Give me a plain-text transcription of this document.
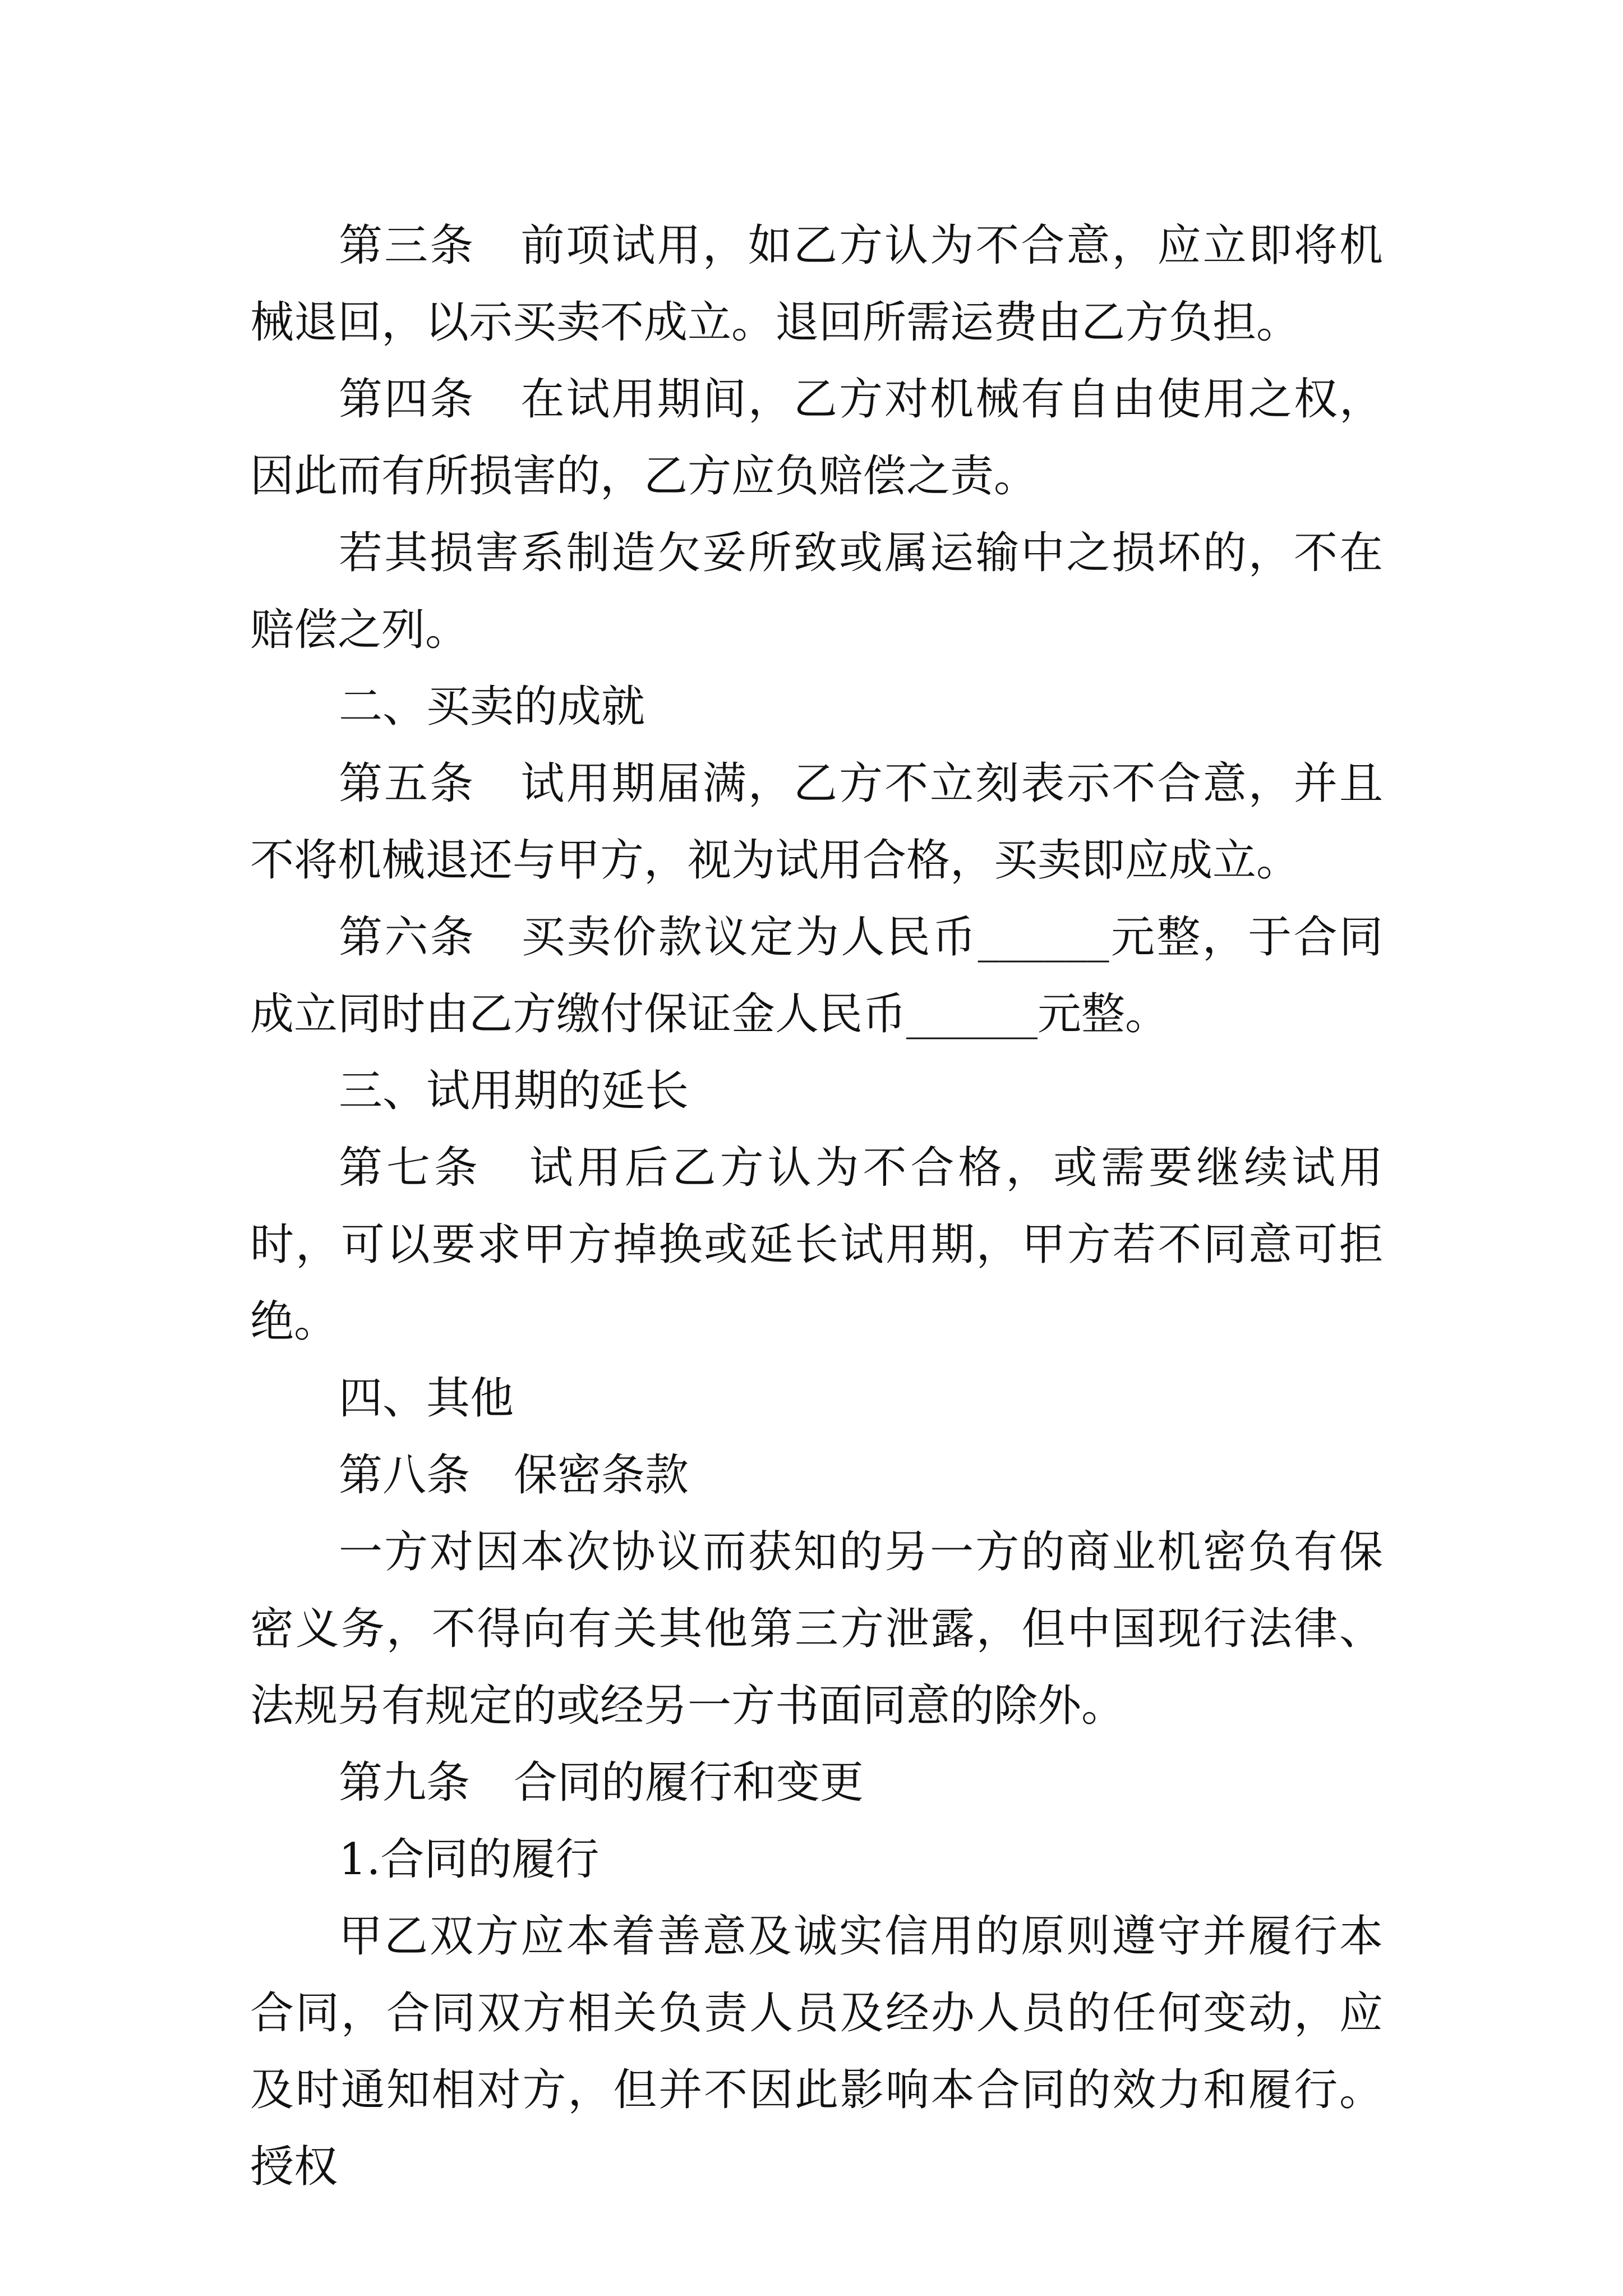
第三条　前项试用，如乙方认为不合意，应立即将机械退回，以示买卖不成立。退回所需运费由乙方负担。

第四条　在试用期间，乙方对机械有自由使用之权，因此而有所损害的，乙方应负赔偿之责。

若其损害系制造欠妥所致或属运输中之损坏的，不在赔偿之列。

二、买卖的成就

第五条　试用期届满，乙方不立刻表示不合意，并且不将机械退还与甲方，视为试用合格，买卖即应成立。

第六条　买卖价款议定为人民币______元整，于合同成立同时由乙方缴付保证金人民币______元整。

三、试用期的延长

第七条　试用后乙方认为不合格，或需要继续试用时，可以要求甲方掉换或延长试用期，甲方若不同意可拒绝。

四、其他

第八条　保密条款

一方对因本次协议而获知的另一方的商业机密负有保密义务，不得向有关其他第三方泄露，但中国现行法律、法规另有规定的或经另一方书面同意的除外。

第九条　合同的履行和变更

1.合同的履行

甲乙双方应本着善意及诚实信用的原则遵守并履行本合同，合同双方相关负责人员及经办人员的任何变动，应及时通知相对方，但并不因此影响本合同的效力和履行。授权
